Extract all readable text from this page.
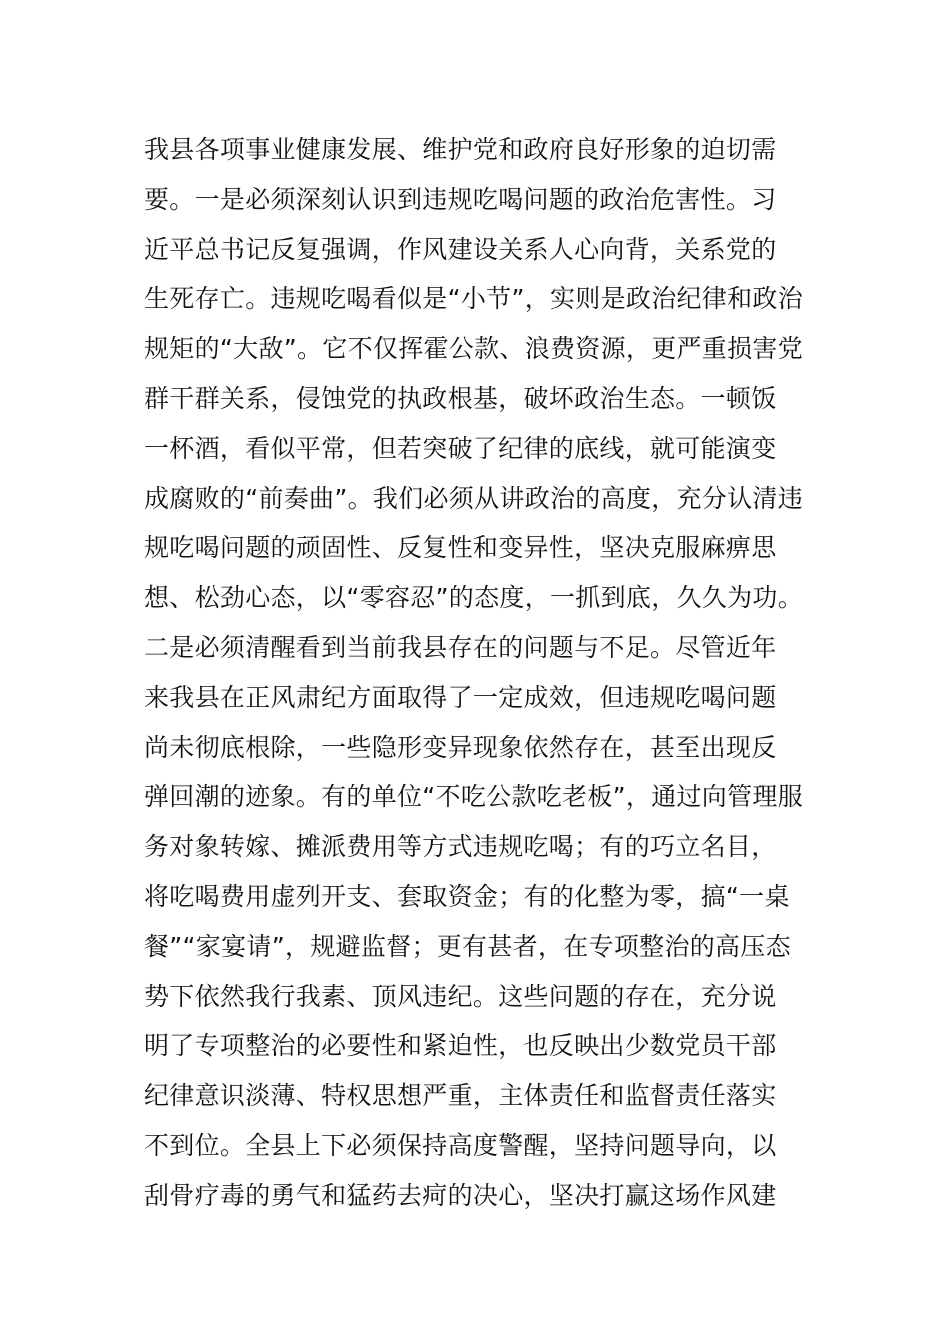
我县各项事业健康发展、维护党和政府良好形象的迫切需
要。一是必须深刻认识到违规吃喝问题的政治危害性。习
近平总书记反复强调，作风建设关系人心向背，关系党的
生死存亡。违规吃喝看似是“小节”，实则是政治纪律和政治
规矩的“大敌”。它不仅挥霍公款、浪费资源，更严重损害党
群干群关系，侵蚀党的执政根基，破坏政治生态。一顿饭
一杯酒，看似平常，但若突破了纪律的底线，就可能演变
成腐败的“前奏曲”。我们必须从讲政治的高度，充分认清违
规吃喝问题的顽固性、反复性和变异性，坚决克服麻痹思
想、松劲心态，以“零容忍”的态度，一抓到底，久久为功。
二是必须清醒看到当前我县存在的问题与不足。尽管近年
来我县在正风肃纪方面取得了一定成效，但违规吃喝问题
尚未彻底根除，一些隐形变异现象依然存在，甚至出现反
弹回潮的迹象。有的单位“不吃公款吃老板”，通过向管理服
务对象转嫁、摊派费用等方式违规吃喝；有的巧立名目，
将吃喝费用虚列开支、套取资金；有的化整为零，搞“一桌
餐”“家宴请”，规避监督；更有甚者，在专项整治的高压态
势下依然我行我素、顶风违纪。这些问题的存在，充分说
明了专项整治的必要性和紧迫性，也反映出少数党员干部
纪律意识淡薄、特权思想严重，主体责任和监督责任落实
不到位。全县上下必须保持高度警醒，坚持问题导向，以
刮骨疗毒的勇气和猛药去疴的决心，坚决打赢这场作风建
